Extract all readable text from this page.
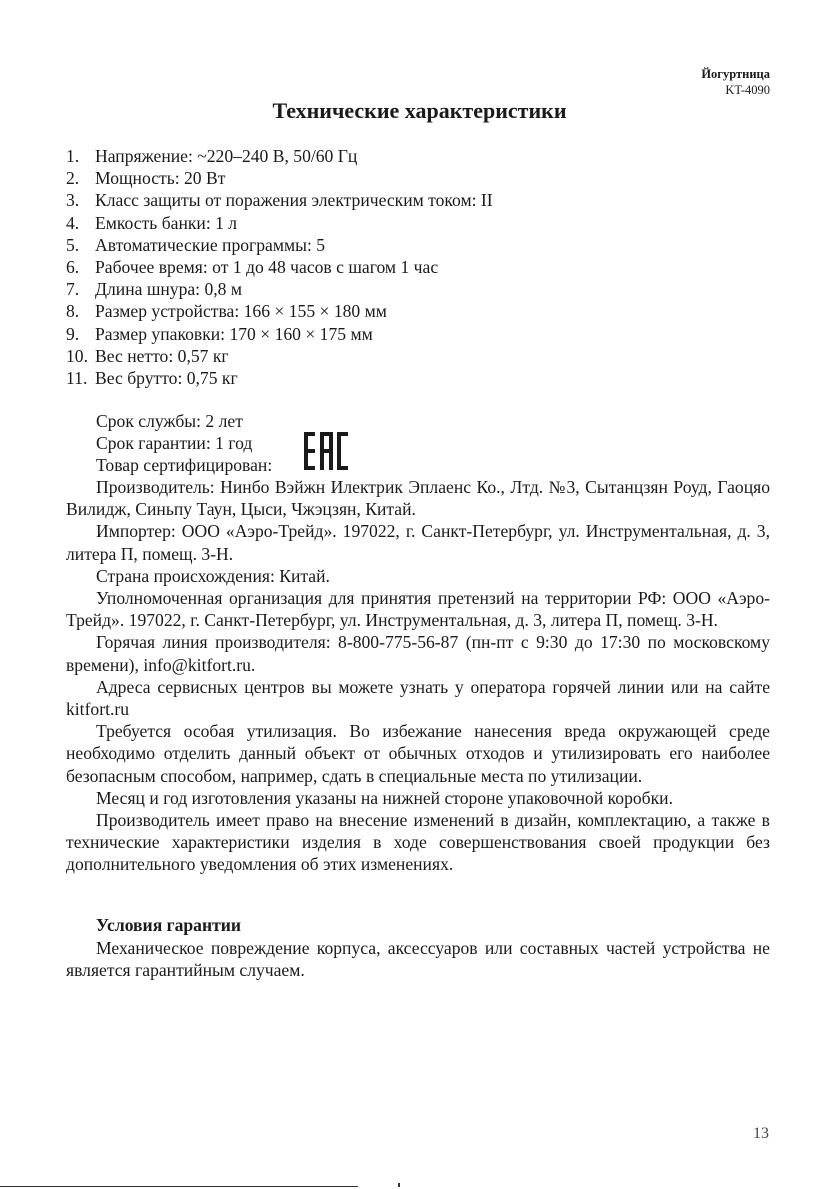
Йогуртница
KT-4090
Технические характеристики
1. Напряжение: ~220–240 В, 50/60 Гц
2. Мощность: 20 Вт
3. Класс защиты от поражения электрическим током: II
4. Емкость банки: 1 л
5. Автоматические программы: 5
6. Рабочее время: от 1 до 48 часов с шагом 1 час
7. Длина шнура: 0,8 м
8. Размер устройства: 166 × 155 × 180 мм
9. Размер упаковки: 170 × 160 × 175 мм
10. Вес нетто: 0,57 кг
11. Вес брутто: 0,75 кг
Срок службы: 2 лет
Срок гарантии: 1 год
Товар сертифицирован:

Производитель: Нинбо Вэйжн Илектрик Эплаенс Ко., Лтд. №3, Сытанцзян Роуд, Гаоцяо Вилидж, Синьпу Таун, Цыси, Чжэцзян, Китай.

Импортер: ООО «Аэро-Трейд». 197022, г. Санкт-Петербург, ул. Инструментальная, д. 3, литера П, помещ. 3-Н.

Страна происхождения: Китай.

Уполномоченная организация для принятия претензий на территории РФ: ООО «Аэро-Трейд». 197022, г. Санкт-Петербург, ул. Инструментальная, д. 3, литера П, помещ. 3-Н.

Горячая линия производителя: 8-800-775-56-87 (пн-пт с 9:30 до 17:30 по московскому времени), info@kitfort.ru.

Адреса сервисных центров вы можете узнать у оператора горячей линии или на сайте kitfort.ru

Требуется особая утилизация. Во избежание нанесения вреда окружающей среде необходимо отделить данный объект от обычных отходов и утилизировать его наиболее безопасным способом, например, сдать в специальные места по утилизации.

Месяц и год изготовления указаны на нижней стороне упаковочной коробки.

Производитель имеет право на внесение изменений в дизайн, комплектацию, а также в технические характеристики изделия в ходе совершенствования своей продукции без дополнительного уведомления об этих изменениях.

Условия гарантии

Механическое повреждение корпуса, аксессуаров или составных частей устройства не является гарантийным случаем.

13
